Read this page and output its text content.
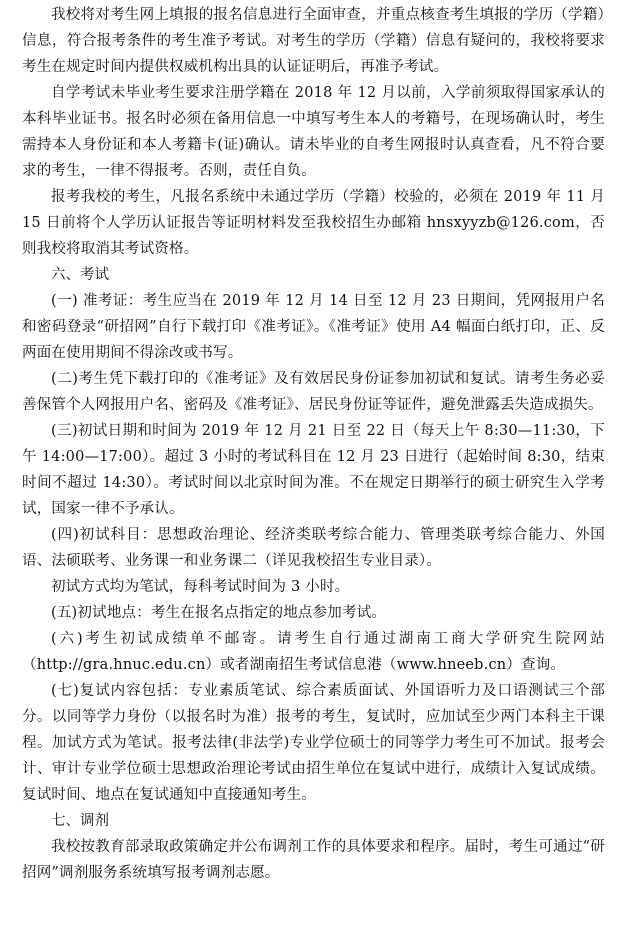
我校将对考生网上填报的报名信息进行全面审查，并重点核查考生填报的学历（学籍）信息，符合报考条件的考生准予考试。对考生的学历（学籍）信息有疑问的，我校将要求考生在规定时间内提供权威机构出具的认证证明后，再准予考试。

自学考试未毕业考生要求注册学籍在 2018 年 12 月以前，入学前须取得国家承认的本科毕业证书。报名时必须在备用信息一中填写考生本人的考籍号，在现场确认时，考生需持本人身份证和本人考籍卡(证)确认。请未毕业的自考生网报时认真查看，凡不符合要求的考生，一律不得报考。否则，责任自负。

报考我校的考生，凡报名系统中未通过学历（学籍）校验的，必须在 2019 年 11 月 15 日前将个人学历认证报告等证明材料发至我校招生办邮箱 hnsxyyzb@126.com，否则我校将取消其考试资格。

六、考试

(一) 准考证：考生应当在 2019 年 12 月 14 日至 12 月 23 日期间，凭网报用户名和密码登录“研招网”自行下载打印《准考证》。《准考证》使用 A4 幅面白纸打印，正、反两面在使用期间不得涂改或书写。

(二)考生凭下载打印的《准考证》及有效居民身份证参加初试和复试。请考生务必妥善保管个人网报用户名、密码及《准考证》、居民身份证等证件，避免泄露丢失造成损失。

(三)初试日期和时间为 2019 年 12 月 21 日至 22 日（每天上午 8:30—11:30，下午 14:00—17:00）。超过 3 小时的考试科目在 12 月 23 日进行（起始时间 8:30，结束时间不超过 14:30）。考试时间以北京时间为准。不在规定日期举行的硕士研究生入学考试，国家一律不予承认。

(四)初试科目：思想政治理论、经济类联考综合能力、管理类联考综合能力、外国语、法硕联考、业务课一和业务课二（详见我校招生专业目录）。

初试方式均为笔试，每科考试时间为 3 小时。

(五)初试地点：考生在报名点指定的地点参加考试。

(六)考生初试成绩单不邮寄。请考生自行通过湖南工商大学研究生院网站（http://gra.hnuc.edu.cn）或者湖南招生考试信息港（www.hneeb.cn）查询。

(七)复试内容包括：专业素质笔试、综合素质面试、外国语听力及口语测试三个部分。以同等学力身份（以报名时为准）报考的考生，复试时，应加试至少两门本科主干课程。加试方式为笔试。报考法律(非法学)专业学位硕士的同等学力考生可不加试。报考会计、审计专业学位硕士思想政治理论考试由招生单位在复试中进行，成绩计入复试成绩。复试时间、地点在复试通知中直接通知考生。

七、调剂

我校按教育部录取政策确定并公布调剂工作的具体要求和程序。届时，考生可通过“研招网”调剂服务系统填写报考调剂志愿。
